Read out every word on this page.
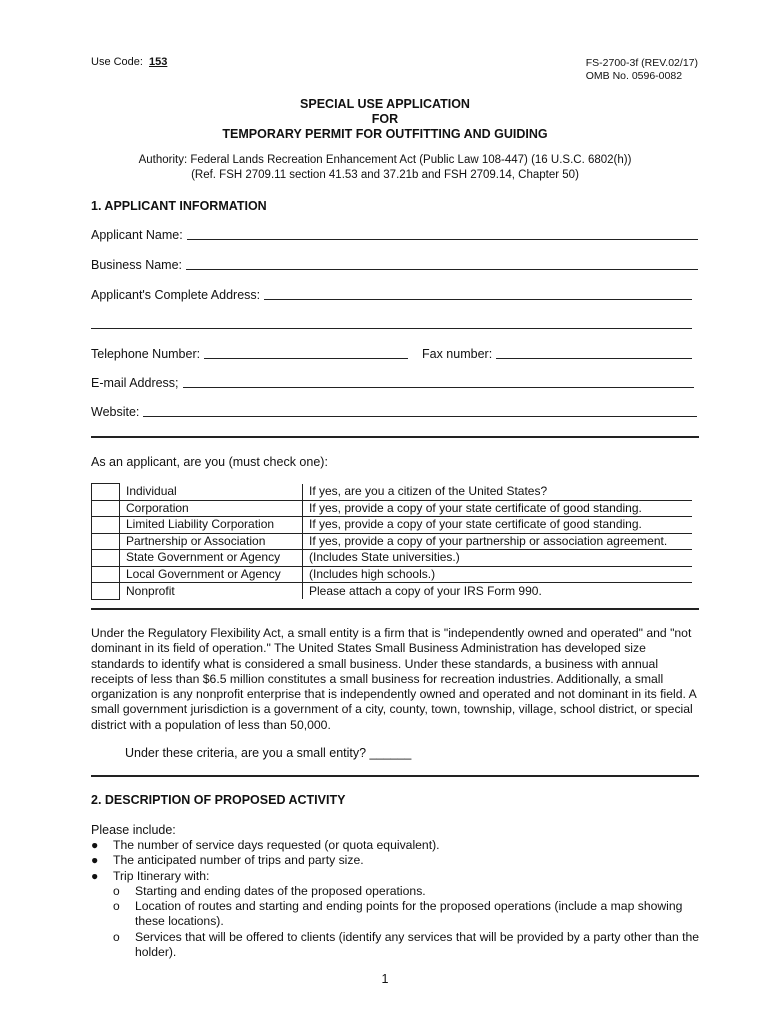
Use Code: 153	FS-2700-3f (REV.02/17)
OMB No. 0596-0082
SPECIAL USE APPLICATION
FOR
TEMPORARY PERMIT FOR OUTFITTING AND GUIDING
Authority: Federal Lands Recreation Enhancement Act (Public Law 108-447) (16 U.S.C. 6802(h))
(Ref. FSH 2709.11 section 41.53 and 37.21b and FSH 2709.14, Chapter 50)
1. APPLICANT INFORMATION
Applicant Name:
Business Name:
Applicant's Complete Address:
Telephone Number:	Fax number:
E-mail Address;
Website:
As an applicant, are you (must check one):
	Individual	If yes, are you a citizen of the United States?
	Corporation	If yes, provide a copy of your state certificate of good standing.
	Limited Liability Corporation	If yes, provide a copy of your state certificate of good standing.
	Partnership or Association	If yes, provide a copy of your partnership or association agreement.
	State Government or Agency	(Includes State universities.)
	Local Government or Agency	(Includes high schools.)
	Nonprofit	Please attach a copy of your IRS Form 990.
Under the Regulatory Flexibility Act, a small entity is a firm that is "independently owned and operated" and "not dominant in its field of operation." The United States Small Business Administration has developed size standards to identify what is considered a small business. Under these standards, a business with annual receipts of less than $6.5 million constitutes a small business for recreation industries. Additionally, a small organization is any nonprofit enterprise that is independently owned and operated and not dominant in its field. A small government jurisdiction is a government of a city, county, town, township, village, school district, or special district with a population of less than 50,000.
Under these criteria, are you a small entity? ______
2. DESCRIPTION OF PROPOSED ACTIVITY
Please include:
● The number of service days requested (or quota equivalent).
● The anticipated number of trips and party size.
● Trip Itinerary with:
o Starting and ending dates of the proposed operations.
o Location of routes and starting and ending points for the proposed operations (include a map showing these locations).
o Services that will be offered to clients (identify any services that will be provided by a party other than the holder).
1
